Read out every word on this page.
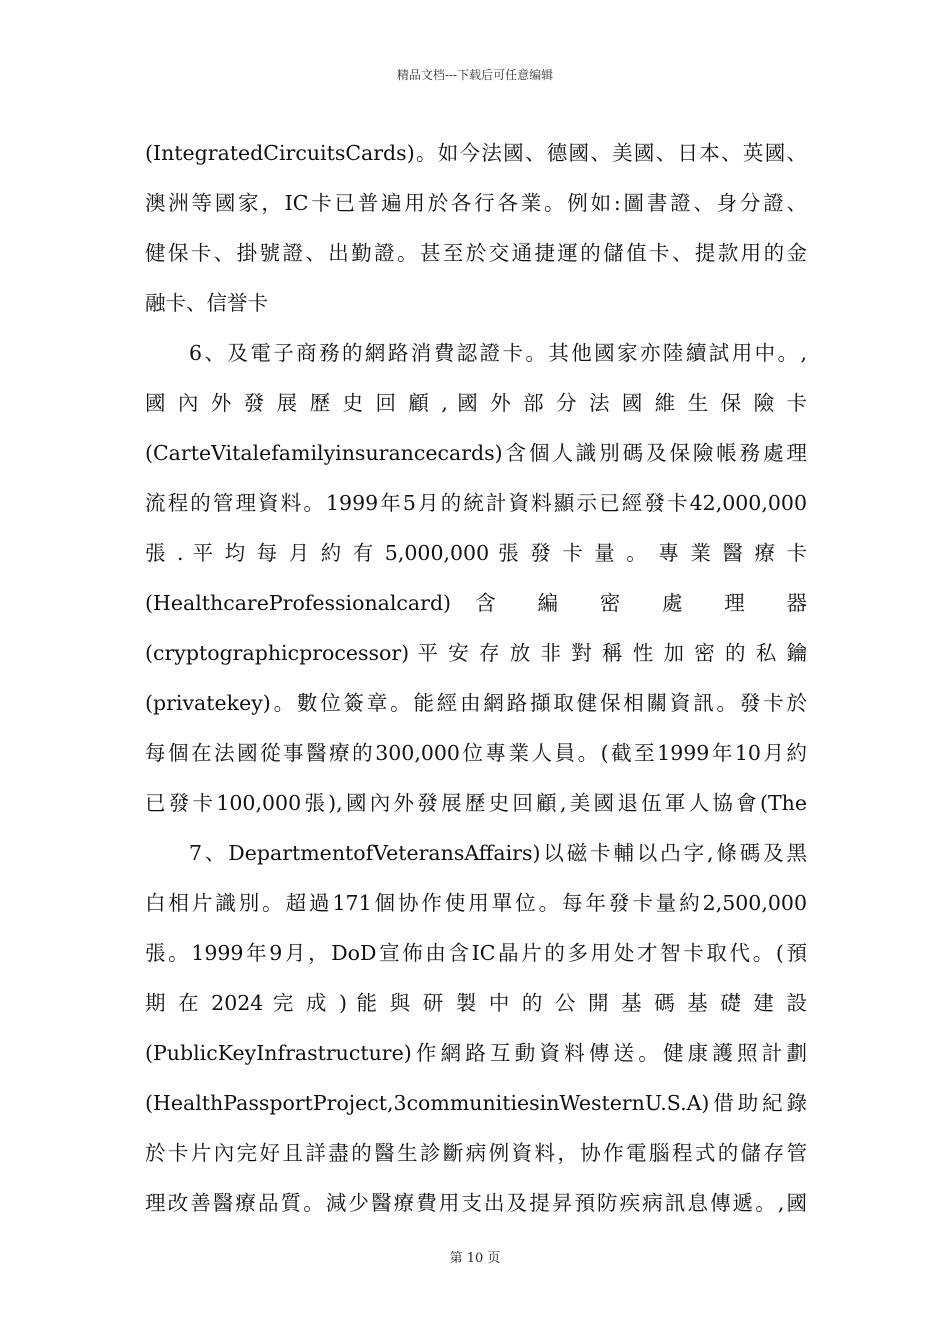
精品文档---下载后可任意编辑
(IntegratedCircuitsCards)。如今法國、德國、美國、日本、英國、
澳洲等國家，IC卡已普遍用於各行各業。例如:圖書證、身分證、
健保卡、掛號證、出勤證。甚至於交通捷運的儲值卡、提款用的金
融卡、信誉卡
6、及電子商務的網路消費認證卡。其他國家亦陸續試用中。,
國 內 外 發 展 歷 史 回 顧 , 國 外 部 分 法 國 維 生 保 險 卡
(CarteVitalefamilyinsurancecards)含個人識別碼及保險帳務處理
流程的管理資料。1999年5月的統計資料顯示已經發卡42,000,000
張 . 平 均 每 月 約 有 5,000,000 張 發 卡 量 。 專 業 醫 療 卡
(HealthcareProfessionalcard) 含 編 密 處 理 器
(cryptographicprocessor) 平 安 存 放 非 對 稱 性 加 密 的 私 鑰
(privatekey)。數位簽章。能經由網路擷取健保相關資訊。發卡於
每個在法國從事醫療的300,000位專業人員。(截至1999年10月約
已發卡100,000張),國內外發展歷史回顧,美國退伍軍人協會(The
7、DepartmentofVeteransAffairs)以磁卡輔以凸字,條碼及黑
白相片識別。超過171個协作使用單位。每年發卡量約2,500,000
張。1999年9月，DoD宣佈由含IC晶片的多用处才智卡取代。(預
期 在 2024 完 成 ) 能 與 研 製 中 的 公 開 基 碼 基 礎 建 設
(PublicKeyInfrastructure)作網路互動資料傳送。健康護照計劃
(HealthPassportProject,3communitiesinWesternU.S.A)借助紀錄
於卡片內完好且詳盡的醫生診斷病例資料，协作電腦程式的儲存管
理改善醫療品質。減少醫療費用支出及提昇預防疾病訊息傳遞。,國
第 10 页
